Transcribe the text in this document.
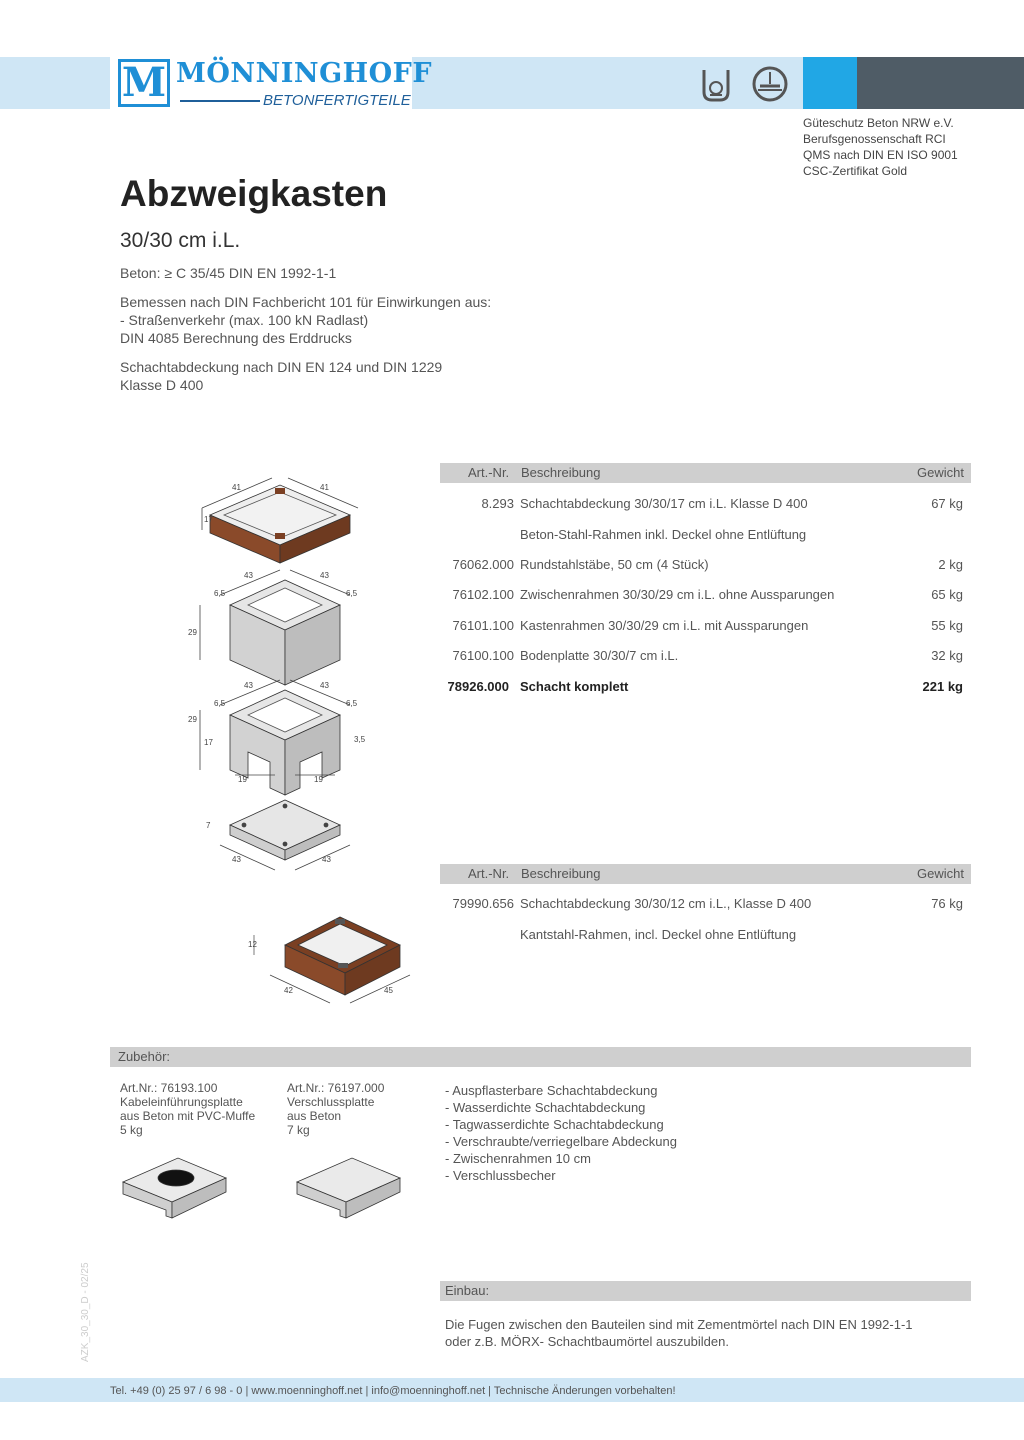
M MÖNNINGHOFF
BETONFERTIGTEILE
Güteschutz Beton NRW e.V.
Berufsgenossenschaft RCI
QMS nach DIN EN ISO 9001
CSC-Zertifikat Gold
Abzweigkasten
30/30 cm i.L.
Beton: ≥ C 35/45 DIN EN 1992-1-1
Bemessen nach DIN Fachbericht 101 für Einwirkungen aus:
- Straßenverkehr (max. 100 kN Radlast)
DIN 4085 Berechnung des Erddrucks
Schachtabdeckung nach DIN EN 124 und DIN 1229
Klasse D 400
41	41
17
43	43
29
6,5	6,5
43	43
29
17
6,5	6,5
3,5
19	19
43	43
7
Art.-Nr. Beschreibung	Gewicht
8.293 Schachtabdeckung 30/30/17 cm i.L. Klasse D 400	67 kg
Beton-Stahl-Rahmen inkl. Deckel ohne Entlüftung
76062.000 Rundstahlstäbe, 50 cm (4 Stück)	2 kg
76102.100 Zwischenrahmen 30/30/29 cm i.L. ohne Aussparungen	65 kg
76101.100 Kastenrahmen 30/30/29 cm i.L. mit Aussparungen	55 kg
76100.100 Bodenplatte 30/30/7 cm i.L.	32 kg
78926.000 Schacht komplett	221 kg
Art.-Nr. Beschreibung	Gewicht
79990.656 Schachtabdeckung 30/30/12 cm i.L., Klasse D 400	76 kg
Kantstahl-Rahmen, incl. Deckel ohne Entlüftung
12
42	45
Zubehör:
Art.Nr.: 76193.100
Kabeleinführungsplatte
aus Beton mit PVC-Muffe
5 kg
Art.Nr.: 76197.000
Verschlussplatte
aus Beton
7 kg
- Auspflasterbare Schachtabdeckung
- Wasserdichte Schachtabdeckung
- Tagwasserdichte Schachtabdeckung
- Verschraubte/verriegelbare Abdeckung
- Zwischenrahmen 10 cm
- Verschlussbecher
Einbau:
Die Fugen zwischen den Bauteilen sind mit Zementmörtel nach DIN EN 1992-1-1
oder z.B. MÖRX- Schachtbaumörtel auszubilden.
AZK_30_30_D - 02/25
Tel. +49 (0) 25 97 / 6 98 - 0 | www.moenninghoff.net | info@moenninghoff.net | Technische Änderungen vorbehalten!
